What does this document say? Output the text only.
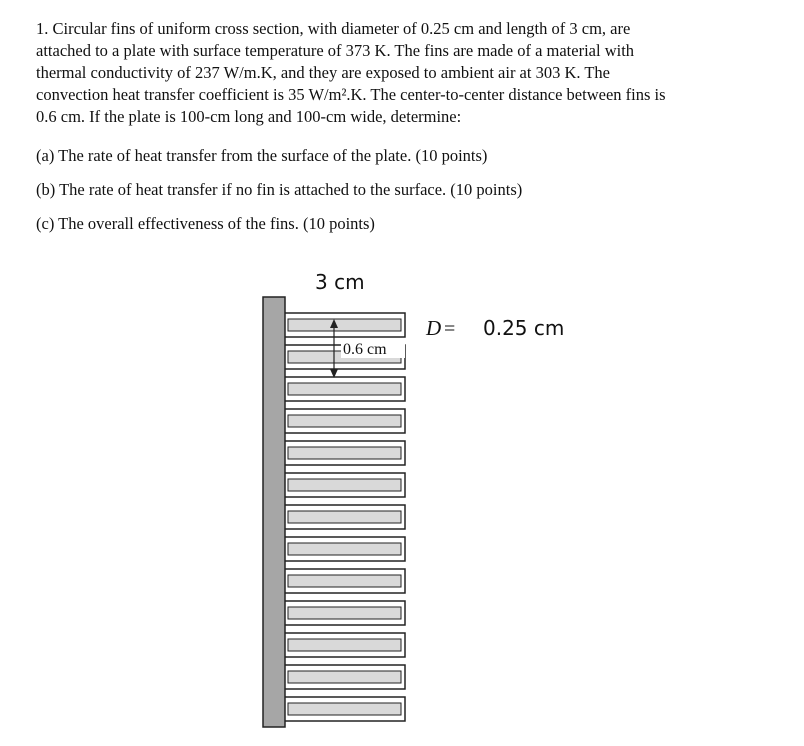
1. Circular fins of uniform cross section, with diameter of 0.25 cm and length of 3 cm, are
attached to a plate with surface temperature of 373 K. The fins are made of a material with
thermal conductivity of 237 W/m.K, and they are exposed to ambient air at 303 K. The
convection heat transfer coefficient is 35 W/m².K. The center-to-center distance between fins is
0.6 cm. If the plate is 100-cm long and 100-cm wide, determine:

(a) The rate of heat transfer from the surface of the plate. (10 points)
(b) The rate of heat transfer if no fin is attached to the surface. (10 points)
(c) The overall effectiveness of the fins. (10 points)
3 cm
0.6 cm
D = 0.25 cm
